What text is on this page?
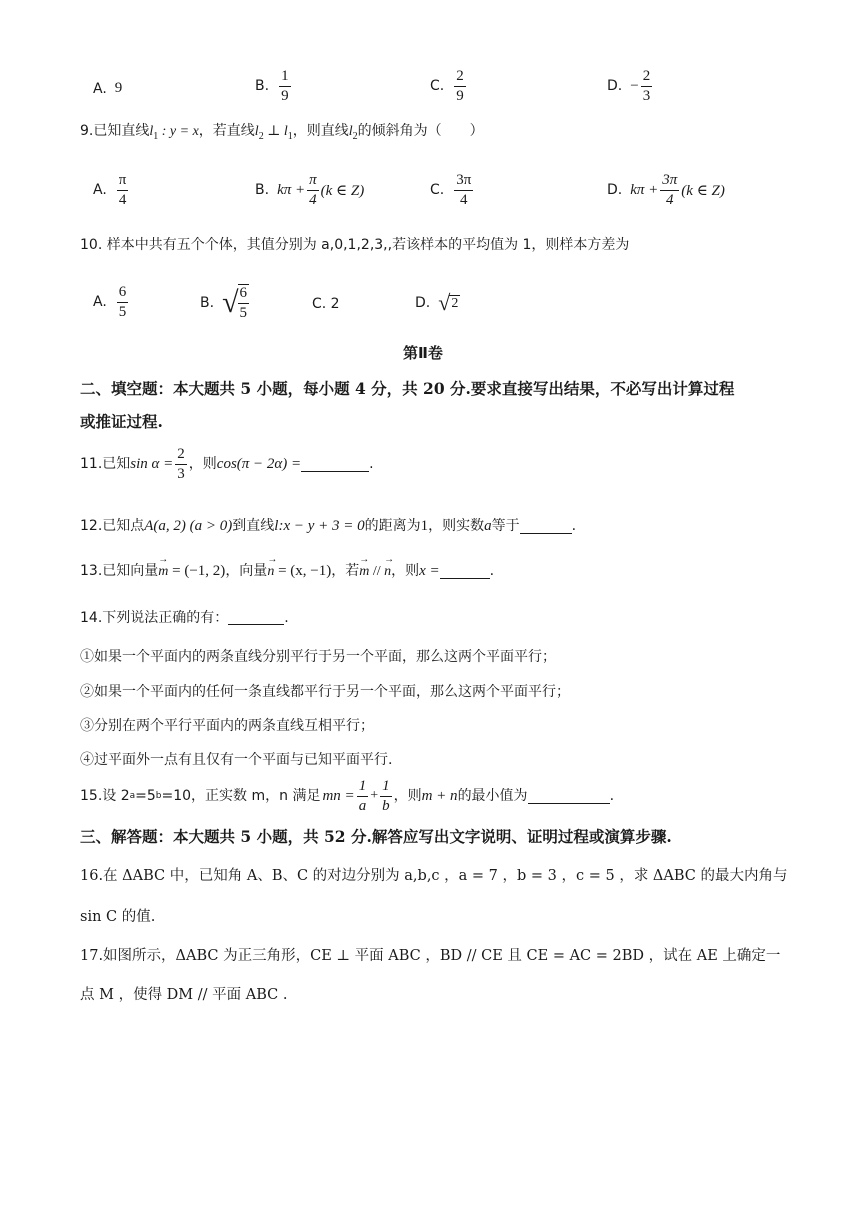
A. 9	B. $\frac{1}{9}$	C. $\frac{2}{9}$	D. − $\frac{2}{3}$
9.已知直线$l_1$ : y = x，若直线$l_2$ ⊥ $l_1$，则直线$l_2$的倾斜角为（　　）
A. $\frac{\pi}{4}$	B. $k\pi + \frac{\pi}{4} (k$ ∈ Z)	C. $\frac{3\pi}{4}$	D. $k\pi + \frac{3\pi}{4} (k$ ∈ Z)
10. 样本中共有五个个体，其值分别为 a,0,1,2,3,,若该样本的平均值为 1，则样本方差为
A. $\frac{6}{5}$	B. √ $\frac{6}{5}$	C. 2	D. √ 2
第Ⅱ卷
二、填空题：本大题共 5 小题，每小题 4 分，共 20 分.要求直接写出结果，不必写出计算过程
或推证过程.
11.已知 $\sin \alpha = \frac{2}{3}$ ，则 cos(π − 2α) =	.
12.已知点A(a, 2) (a > 0)到直线l:x − y + 3 = 0的距离为1，则实数a等于	.
13.已知向量→ m = (−1, 2)，向量→ n = (x, −1)，若→ m // → n，则x =	.
14.下列说法正确的有：	.
①如果一个平面内的两条直线分别平行于另一个平面，那么这两个平面平行；
②如果一个平面内的任何一条直线都平行于另一个平面，那么这两个平面平行；
③分别在两个平行平面内的两条直线互相平行；
④过平面外一点有且仅有一个平面与已知平面平行.
15.设 2 a =5 b =10，正实数 m，n 满足 mn = $\frac{1}{a} + \frac{1}{b}$ ，则 m + n 的最小值为	.
三、解答题：本大题共 5 小题，共 52 分.解答应写出文字说明、证明过程或演算步骤.
16.在 ΔABC 中，已知角 A、B、C 的对边分别为 a,b,c ，a = 7 ，b = 3 ，c = 5 ，求 ΔABC 的最大内角与
sin C 的值.
17.如图所示，ΔABC 为正三角形，CE ⊥ 平面 ABC ，BD // CE 且 CE = AC = 2BD ，试在 AE 上确定一
点 M ，使得 DM // 平面 ABC .
